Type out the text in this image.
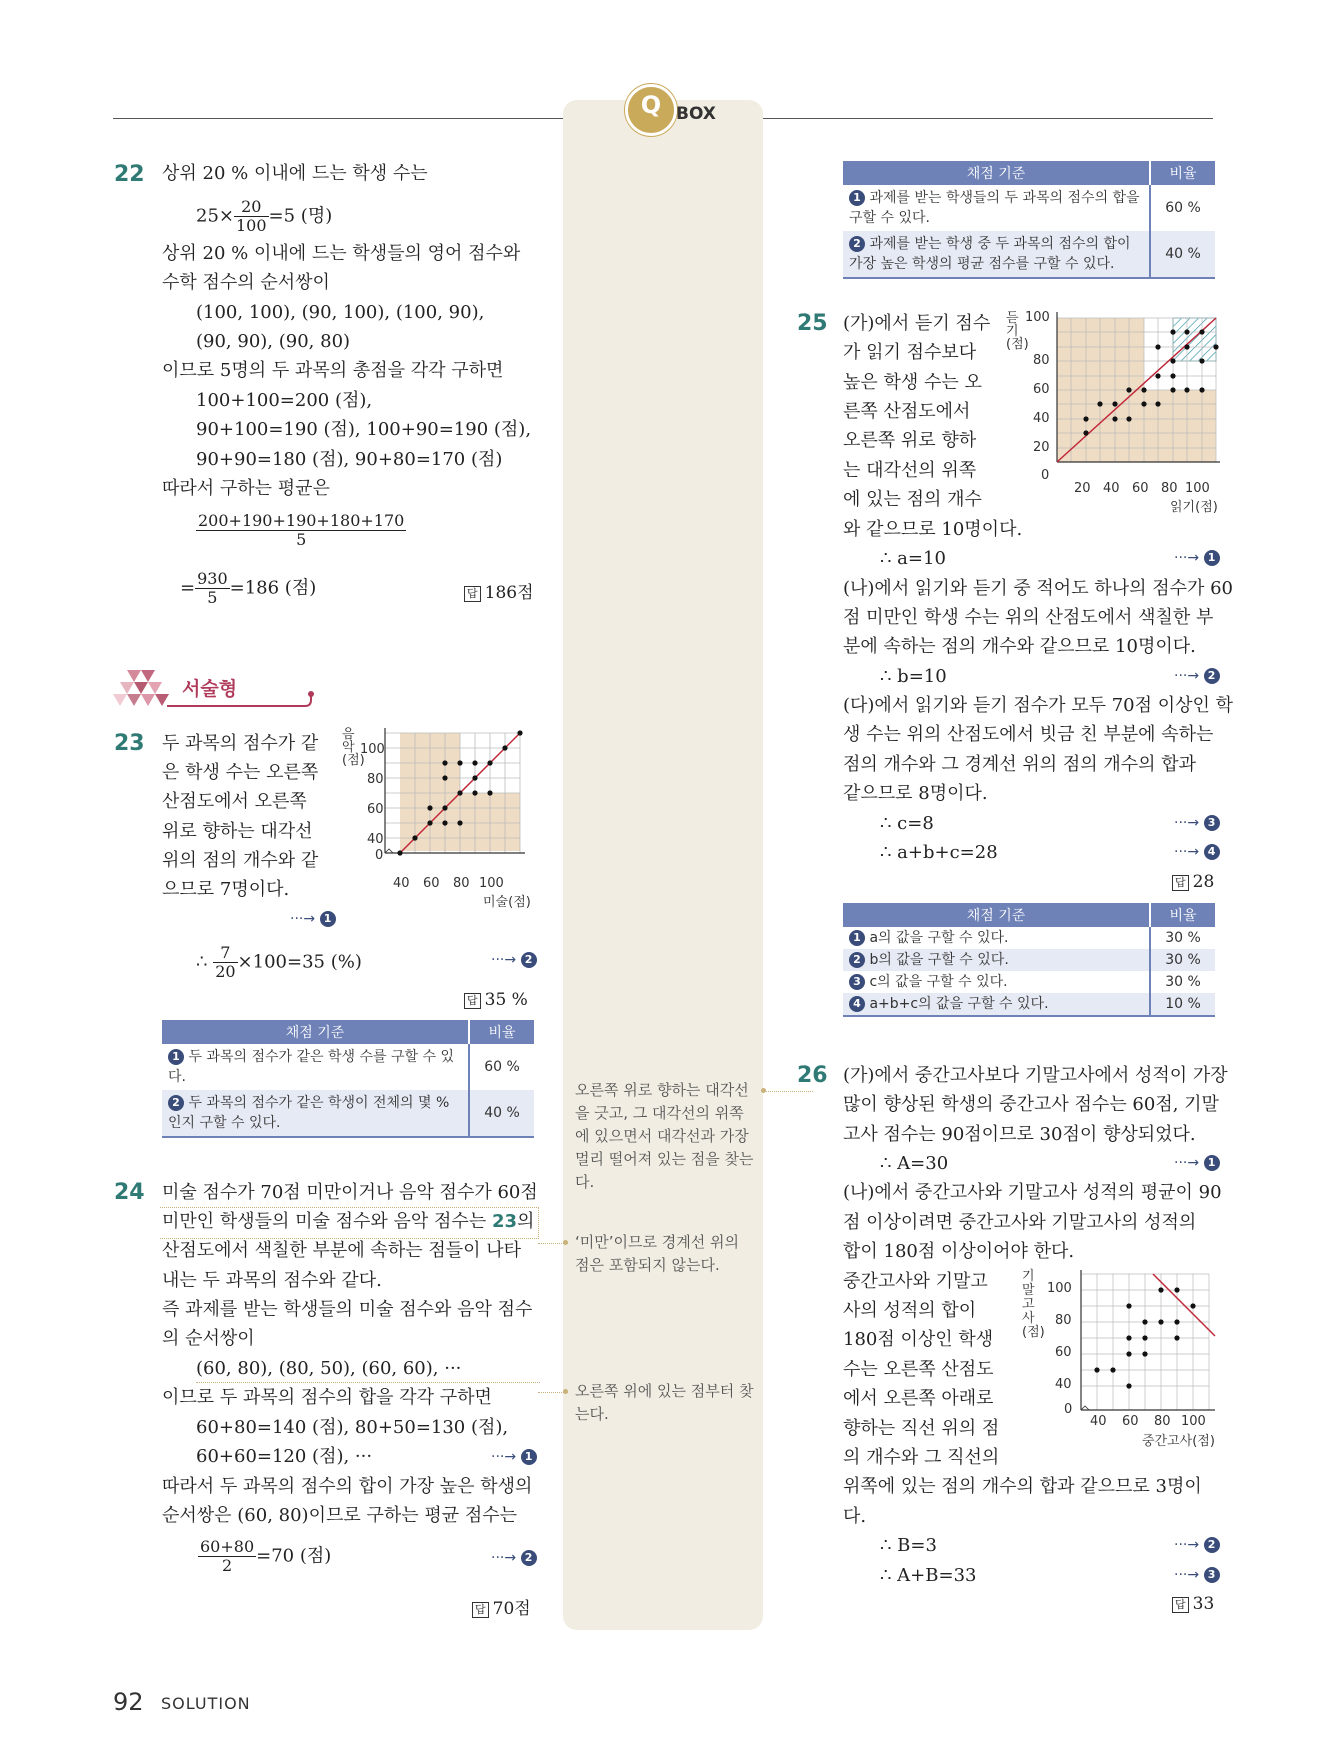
Q BOX
22 상위 20 % 이내에 드는 학생 수는
$25\times \frac{20}{100} =5$ (명)
상위 20 % 이내에 드는 학생들의 영어 점수와
수학 점수의 순서쌍이
(100, 100), (90, 100), (100, 90),
(90, 90), (90, 80)
이므로 5명의 두 과목의 총점을 각각 구하면
100+100=200 (점),
90+100=190 (점), 100+90=190 (점),
90+90=180 (점), 90+80=170 (점)
따라서 구하는 평균은
$\frac{200+190+190+180+170}{5}$
= $\frac{930}{5} =186$ (점)	답 186점
서술형
23 두 과목의 점수가 같
은 학생 수는 오른쪽
산점도에서 오른쪽
위로 향하는 대각선
위의 점의 개수와 같
으므로 7명이다.
···→ 1
음악(점)
100
80
60
40
0
40 60 80 100
미술(점)
∴ $\frac{7}{20} \times 100=35$ (%)	···→ 2
답 35 %
채점 기준	비율
1 두 과목의 점수가 같은 학생 수를 구할 수 있다.	60 %
2 두 과목의 점수가 같은 학생이 전체의 몇 % 인지 구할 수 있다.	40 %
24 미술 점수가 70점 미만이거나 음악 점수가 60점
미만인 학생들의 미술 점수와 음악 점수는 23의
산점도에서 색칠한 부분에 속하는 점들이 나타
내는 두 과목의 점수와 같다.
즉 과제를 받는 학생들의 미술 점수와 음악 점수
의 순서쌍이
(60, 80), (80, 50), (60, 60), ···
이므로 두 과목의 점수의 합을 각각 구하면
60+80=140 (점), 80+50=130 (점),
60+60=120 (점), ···	···→ 1
따라서 두 과목의 점수의 합이 가장 높은 학생의
순서쌍은 (60, 80)이므로 구하는 평균 점수는
$\frac{60+80}{2} =70$ (점)	···→ 2
답 70점
오른쪽 위로 향하는 대각선을 긋고, 그 대각선의 위쪽에 있으면서 대각선과 가장 멀리 떨어져 있는 점을 찾는다.
‘미만’이므로 경계선 위의 점은 포함되지 않는다.
오른쪽 위에 있는 점부터 찾는다.
채점 기준	비율
1 과제를 받는 학생들의 두 과목의 점수의 합을 구할 수 있다.	60 %
2 과제를 받는 학생 중 두 과목의 점수의 합이 가장 높은 학생의 평균 점수를 구할 수 있다.	40 %
25 (가)에서 듣기 점수
가 읽기 점수보다
높은 학생 수는 오
른쪽 산점도에서
오른쪽 위로 향하
는 대각선의 위쪽
에 있는 점의 개수
와 같으므로 10명이다.
듣기(점)
100
80
60
40
20
0
20 40 60 80 100
읽기(점)
∴ a=10	···→ 1
(나)에서 읽기와 듣기 중 적어도 하나의 점수가 60
점 미만인 학생 수는 위의 산점도에서 색칠한 부
분에 속하는 점의 개수와 같으므로 10명이다.
∴ b=10	···→ 2
(다)에서 읽기와 듣기 점수가 모두 70점 이상인 학
생 수는 위의 산점도에서 빗금 친 부분에 속하는
점의 개수와 그 경계선 위의 점의 개수의 합과
같으므로 8명이다.
∴ c=8	···→ 3
∴ a+b+c=28	···→ 4
답 28
채점 기준	비율
1 a의 값을 구할 수 있다.	30 %
2 b의 값을 구할 수 있다.	30 %
3 c의 값을 구할 수 있다.	30 %
4 a+b+c의 값을 구할 수 있다.	10 %
26 (가)에서 중간고사보다 기말고사에서 성적이 가장
많이 향상된 학생의 중간고사 점수는 60점, 기말
고사 점수는 90점이므로 30점이 향상되었다.
∴ A=30	···→ 1
(나)에서 중간고사와 기말고사 성적의 평균이 90
점 이상이려면 중간고사와 기말고사의 성적의
합이 180점 이상이어야 한다.
중간고사와 기말고
사의 성적의 합이
180점 이상인 학생
수는 오른쪽 산점도
에서 오른쪽 아래로
향하는 직선 위의 점
의 개수와 그 직선의
기말고사(점)
100
80
60
40
0
40 60 80 100
중간고사(점)
위쪽에 있는 점의 개수의 합과 같으므로 3명이
다.
∴ B=3	···→ 2
∴ A+B=33	···→ 3
답 33
92 SOLUTION
